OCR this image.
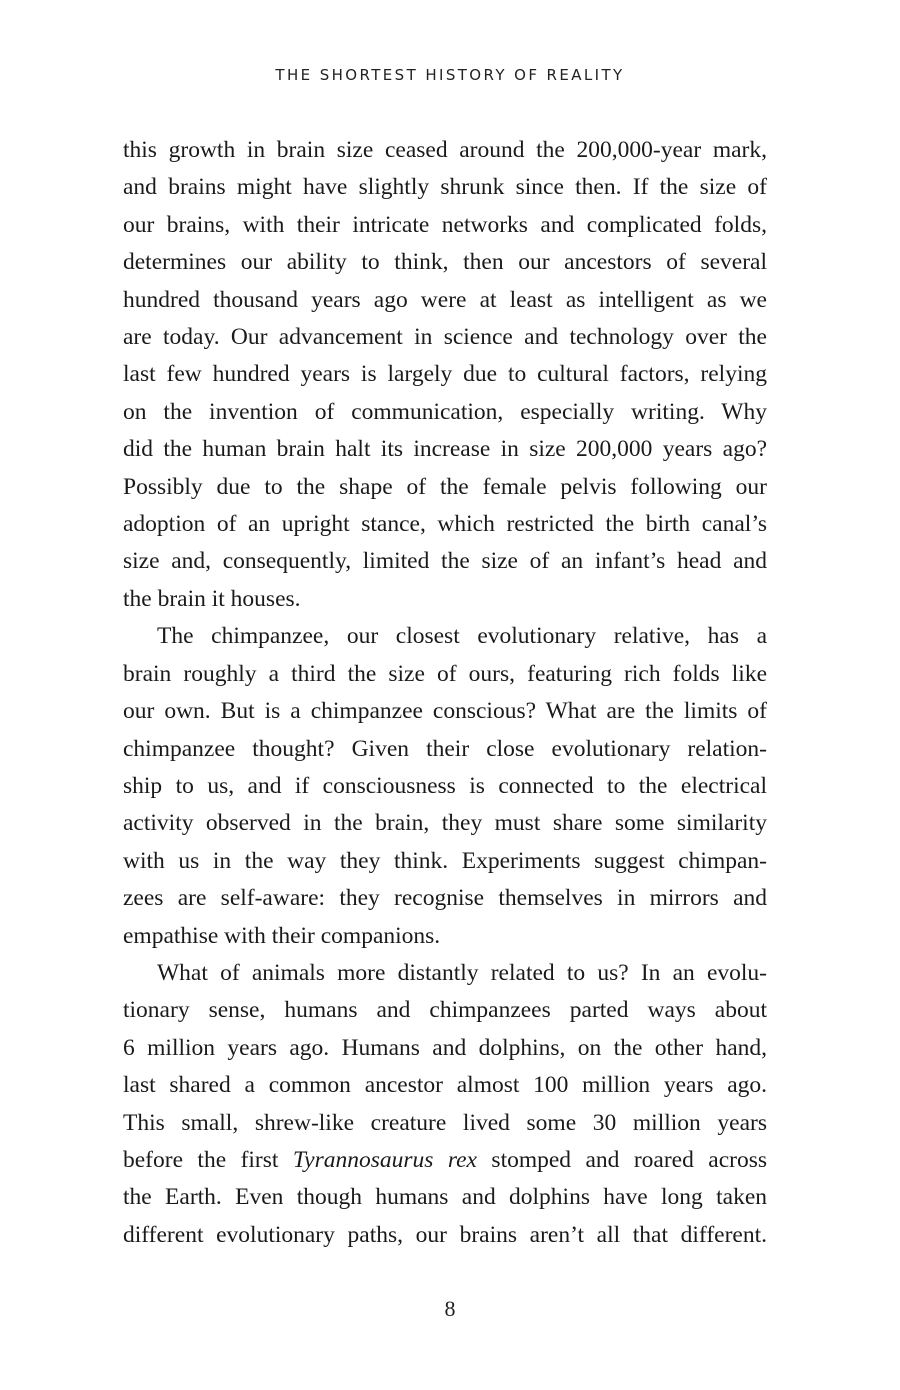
THE SHORTEST HISTORY OF REALITY

this growth in brain size ceased around the 200,000-year mark,
and brains might have slightly shrunk since then. If the size of
our brains, with their intricate networks and complicated folds,
determines our ability to think, then our ancestors of several
hundred thousand years ago were at least as intelligent as we
are today. Our advancement in science and technology over the
last few hundred years is largely due to cultural factors, relying
on the invention of communication, especially writing. Why
did the human brain halt its increase in size 200,000 years ago?
Possibly due to the shape of the female pelvis following our
adoption of an upright stance, which restricted the birth canal’s
size and, consequently, limited the size of an infant’s head and
the brain it houses.

The chimpanzee, our closest evolutionary relative, has a
brain roughly a third the size of ours, featuring rich folds like
our own. But is a chimpanzee conscious? What are the limits of
chimpanzee thought? Given their close evolutionary relation-
ship to us, and if consciousness is connected to the electrical
activity observed in the brain, they must share some similarity
with us in the way they think. Experiments suggest chimpan-
zees are self-aware: they recognise themselves in mirrors and
empathise with their companions.

What of animals more distantly related to us? In an evolu-
tionary sense, humans and chimpanzees parted ways about
6 million years ago. Humans and dolphins, on the other hand,
last shared a common ancestor almost 100 million years ago.
This small, shrew-like creature lived some 30 million years
before the first Tyrannosaurus rex stomped and roared across
the Earth. Even though humans and dolphins have long taken
different evolutionary paths, our brains aren’t all that different.

8
